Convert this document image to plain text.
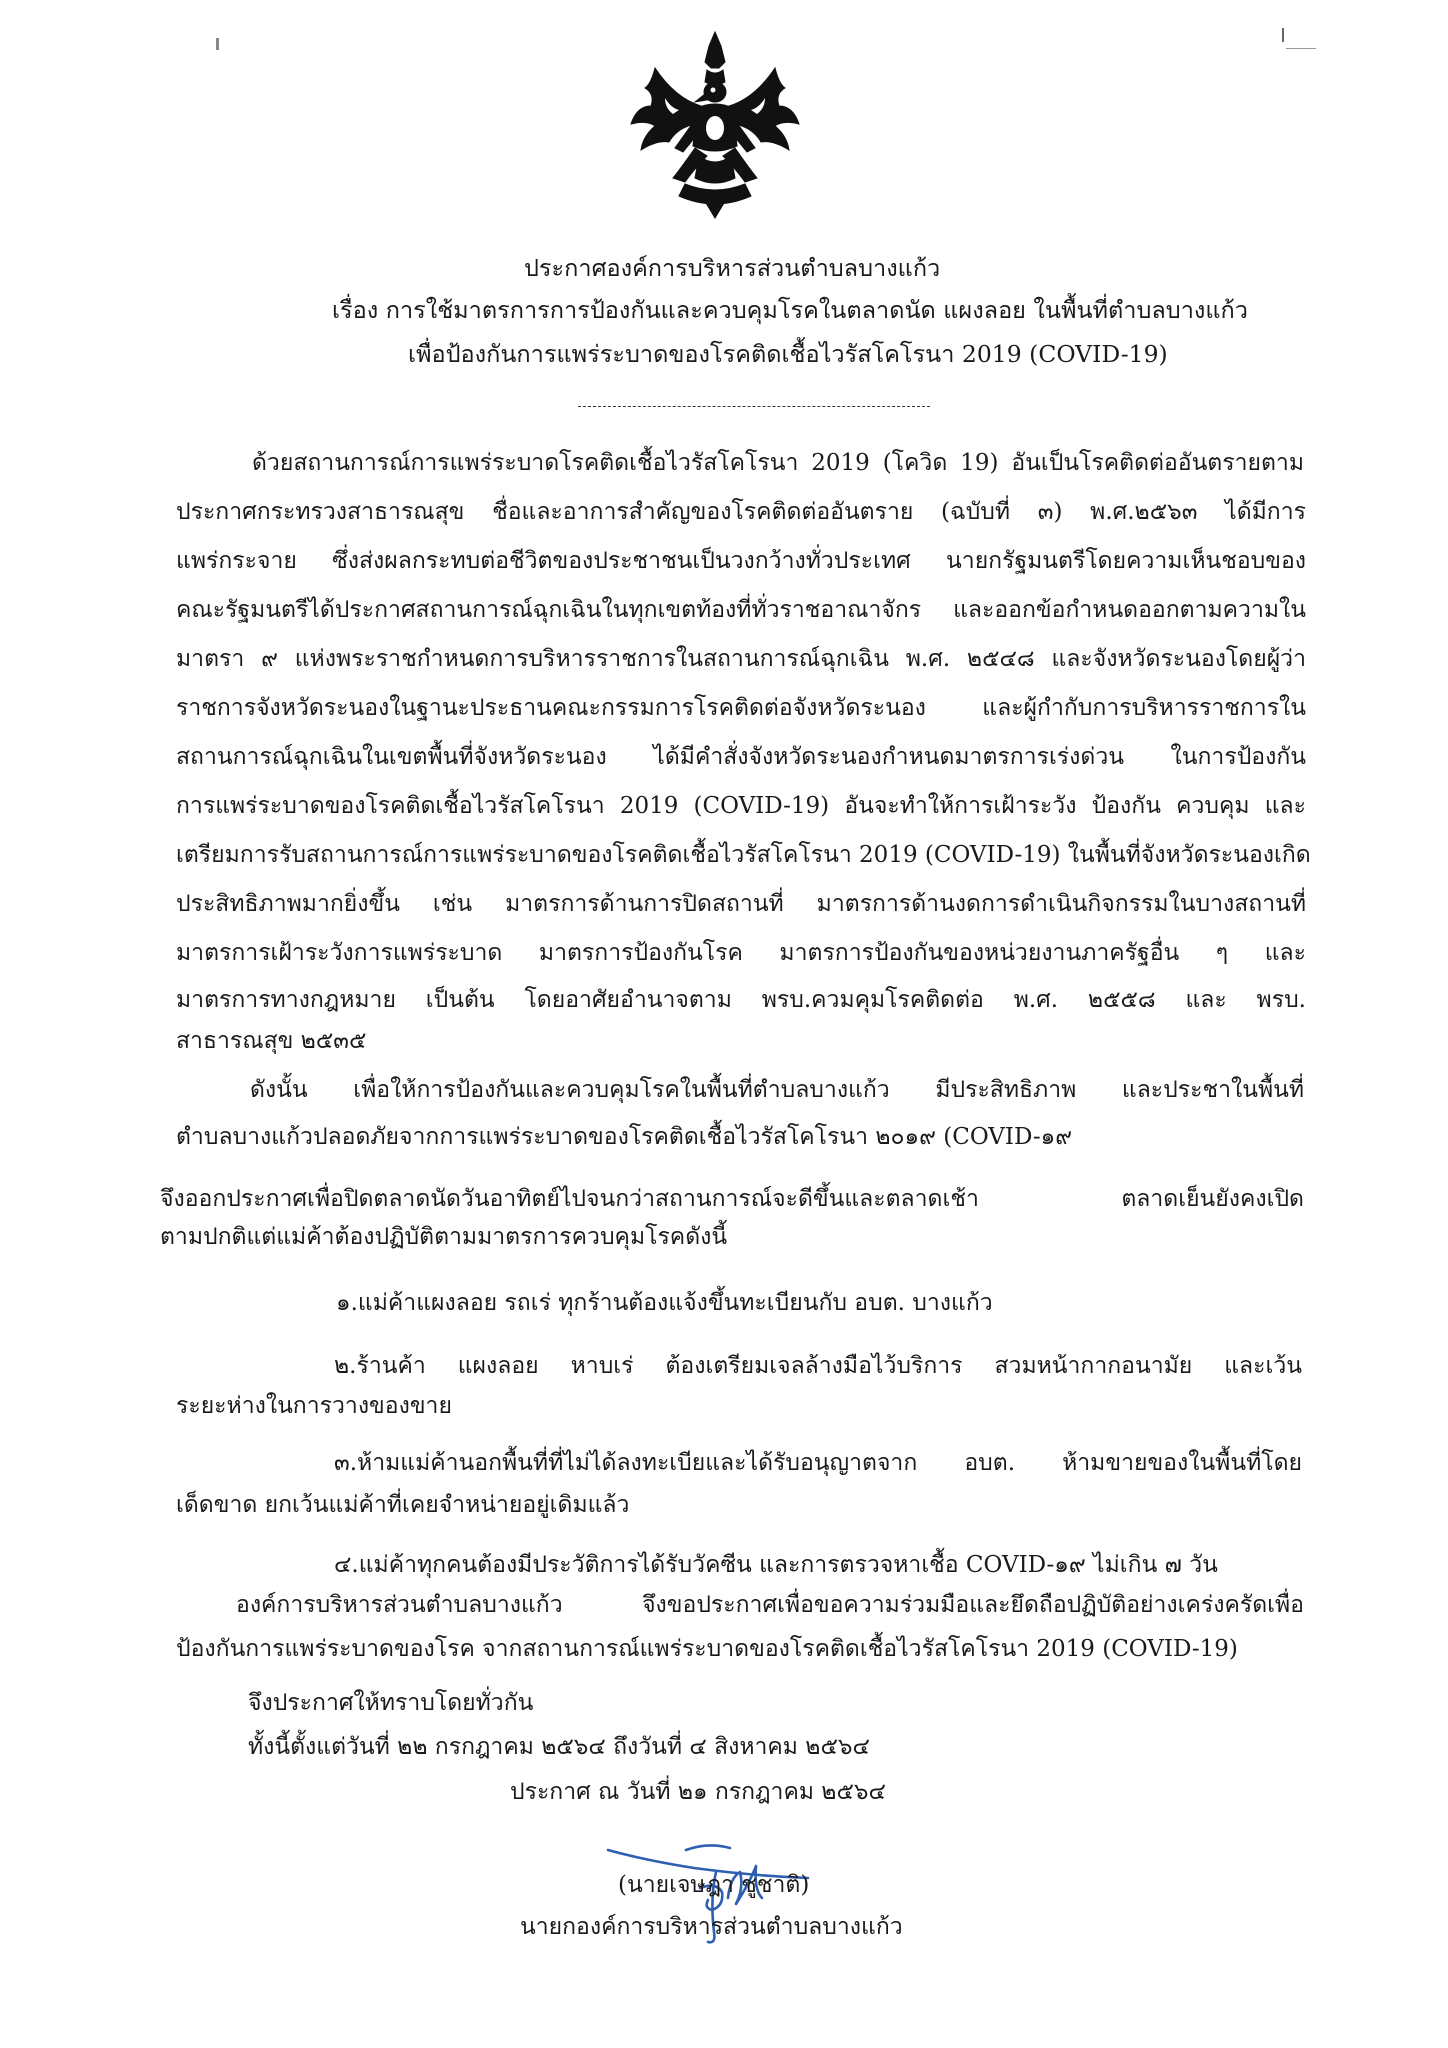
ประกาศองค์การบริหารส่วนตำบลบางแก้ว
เรื่อง การใช้มาตรการการป้องกันและควบคุมโรคในตลาดนัด แผงลอย ในพื้นที่ตำบลบางแก้ว
เพื่อป้องกันการแพร่ระบาดของโรคติดเชื้อไวรัสโคโรนา 2019 (COVID-19)
ด้วยสถานการณ์การแพร่ระบาดโรคติดเชื้อไวรัสโคโรนา 2019 (โควิด 19) อันเป็นโรคติดต่ออันตรายตาม
ประกาศกระทรวงสาธารณสุข ชื่อและอาการสำคัญของโรคติดต่ออันตราย (ฉบับที่ ๓) พ.ศ.๒๕๖๓ ได้มีการ
แพร่กระจาย ซึ่งส่งผลกระทบต่อชีวิตของประชาชนเป็นวงกว้างทั่วประเทศ นายกรัฐมนตรีโดยความเห็นชอบของ
คณะรัฐมนตรีได้ประกาศสถานการณ์ฉุกเฉินในทุกเขตท้องที่ทั่วราชอาณาจักร และออกข้อกำหนดออกตามความใน
มาตรา ๙ แห่งพระราชกำหนดการบริหารราชการในสถานการณ์ฉุกเฉิน พ.ศ. ๒๕๔๘ และจังหวัดระนองโดยผู้ว่า
ราชการจังหวัดระนองในฐานะประธานคณะกรรมการโรคติดต่อจังหวัดระนอง และผู้กำกับการบริหารราชการใน
สถานการณ์ฉุกเฉินในเขตพื้นที่จังหวัดระนอง ได้มีคำสั่งจังหวัดระนองกำหนดมาตรการเร่งด่วน ในการป้องกัน
การแพร่ระบาดของโรคติดเชื้อไวรัสโคโรนา 2019 (COVID-19) อันจะทำให้การเฝ้าระวัง ป้องกัน ควบคุม และ
เตรียมการรับสถานการณ์การแพร่ระบาดของโรคติดเชื้อไวรัสโคโรนา 2019 (COVID-19) ในพื้นที่จังหวัดระนองเกิด
ประสิทธิภาพมากยิ่งขึ้น เช่น มาตรการด้านการปิดสถานที่ มาตรการด้านงดการดำเนินกิจกรรมในบางสถานที่
มาตรการเฝ้าระวังการแพร่ระบาด มาตรการป้องกันโรค มาตรการป้องกันของหน่วยงานภาครัฐอื่น ๆ และ
มาตรการทางกฎหมาย เป็นต้น โดยอาศัยอำนาจตาม พรบ.ควมคุมโรคติดต่อ พ.ศ. ๒๕๕๘ และ พรบ.
สาธารณสุข ๒๕๓๕
ดังนั้น เพื่อให้การป้องกันและควบคุมโรคในพื้นที่ตำบลบางแก้ว มีประสิทธิภาพ และประชาในพื้นที่
ตำบลบางแก้วปลอดภัยจากการแพร่ระบาดของโรคติดเชื้อไวรัสโคโรนา ๒๐๑๙ (COVID-๑๙
จึงออกประกาศเพื่อปิดตลาดนัดวันอาทิตย์ไปจนกว่าสถานการณ์จะดีขึ้นและตลาดเช้า ตลาดเย็นยังคงเปิด
ตามปกติแต่แม่ค้าต้องปฏิบัติตามมาตรการควบคุมโรคดังนี้
๑.แม่ค้าแผงลอย รถเร่ ทุกร้านต้องแจ้งขึ้นทะเบียนกับ อบต. บางแก้ว
๒.ร้านค้า แผงลอย หาบเร่ ต้องเตรียมเจลล้างมือไว้บริการ สวมหน้ากากอนามัย และเว้น
ระยะห่างในการวางของขาย
๓.ห้ามแม่ค้านอกพื้นที่ที่ไม่ได้ลงทะเบียและได้รับอนุญาตจาก อบต. ห้ามขายของในพื้นที่โดย
เด็ดขาด ยกเว้นแม่ค้าที่เคยจำหน่ายอยู่เดิมแล้ว
๔.แม่ค้าทุกคนต้องมีประวัติการได้รับวัคซีน และการตรวจหาเชื้อ COVID-๑๙ ไม่เกิน ๗ วัน
องค์การบริหารส่วนตำบลบางแก้ว จึงขอประกาศเพื่อขอความร่วมมือและยึดถือปฏิบัติอย่างเคร่งครัดเพื่อ
ป้องกันการแพร่ระบาดของโรค จากสถานการณ์แพร่ระบาดของโรคติดเชื้อไวรัสโคโรนา 2019 (COVID-19)
จึงประกาศให้ทราบโดยทั่วกัน
ทั้งนี้ตั้งแต่วันที่ ๒๒ กรกฎาคม ๒๕๖๔ ถึงวันที่ ๔ สิงหาคม ๒๕๖๔
ประกาศ ณ วันที่ ๒๑ กรกฎาคม ๒๕๖๔
(นายเจษฎา ชูชาติ)
นายกองค์การบริหารส่วนตำบลบางแก้ว
